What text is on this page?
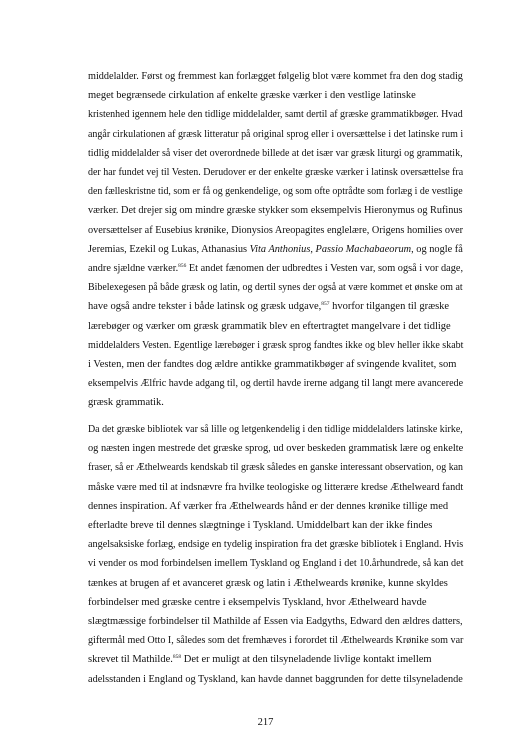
middelalder. Først og fremmest kan forlægget følgelig blot være kommet fra den dog stadig
meget begrænsede cirkulation af enkelte græske værker i den vestlige latinske
kristenhed igennem hele den tidlige middelalder, samt dertil af græske grammatikbøger. Hvad
angår cirkulationen af græsk litteratur på original sprog eller i oversættelse i det latinske rum i
tidlig middelalder så viser det overordnede billede at det især var græsk liturgi og grammatik,
der har fundet vej til Vesten. Derudover er der enkelte græske værker i latinsk oversættelse fra
den fælleskristne tid, som er få og genkendelige, og som ofte optrådte som forlæg i de vestlige
værker. Det drejer sig om mindre græske stykker som eksempelvis Hieronymus og Rufinus
oversættelser af Eusebius krønike, Dionysios Areopagites englelære, Origens homilies over
Jeremias, Ezekil og Lukas, Athanasius Vita Anthonius, Passio Machabaeorum, og nogle få
andre sjældne værker.$^{856}$ Et andet fænomen der udbredtes i Vesten var, som også i vor dage,
Bibelexegesen på både græsk og latin, og dertil synes der også at være kommet et ønske om at
have også andre tekster i både latinsk og græsk udgave,$^{857}$ hvorfor tilgangen til græske
lærebøger og værker om græsk grammatik blev en eftertragtet mangelvare i det tidlige
middelalders Vesten. Egentlige lærebøger i græsk sprog fandtes ikke og blev heller ikke skabt
i Vesten, men der fandtes dog ældre antikke grammatikbøger af svingende kvalitet, som
eksempelvis Ælfric havde adgang til, og dertil havde irerne adgang til langt mere avancerede
græsk grammatik.
Da det græske bibliotek var så lille og letgenkendelig i den tidlige middelalders latinske kirke,
og næsten ingen mestrede det græske sprog, ud over beskeden grammatisk lære og enkelte
fraser, så er Æthelweards kendskab til græsk således en ganske interessant observation, og kan
måske være med til at indsnævre fra hvilke teologiske og litterære kredse Æthelweard fandt
dennes inspiration. Af værker fra Æthelweards hånd er der dennes krønike tillige med
efterladte breve til dennes slægtninge i Tyskland. Umiddelbart kan der ikke findes
angelsaksiske forlæg, endsige en tydelig inspiration fra det græske bibliotek i England. Hvis
vi vender os mod forbindelsen imellem Tyskland og England i det 10.århundrede, så kan det
tænkes at brugen af et avanceret græsk og latin i Æthelweards krønike, kunne skyldes
forbindelser med græske centre i eksempelvis Tyskland, hvor Æthelweard havde
slægtmæssige forbindelser til Mathilde af Essen via Eadgyths, Edward den ældres datters,
giftermål med Otto I, således som det fremhæves i forordet til Æthelweards Krønike som var
skrevet til Mathilde.$^{858}$ Det er muligt at den tilsyneladende livlige kontakt imellem
adelsstanden i England og Tyskland, kan havde dannet baggrunden for dette tilsyneladende
217
